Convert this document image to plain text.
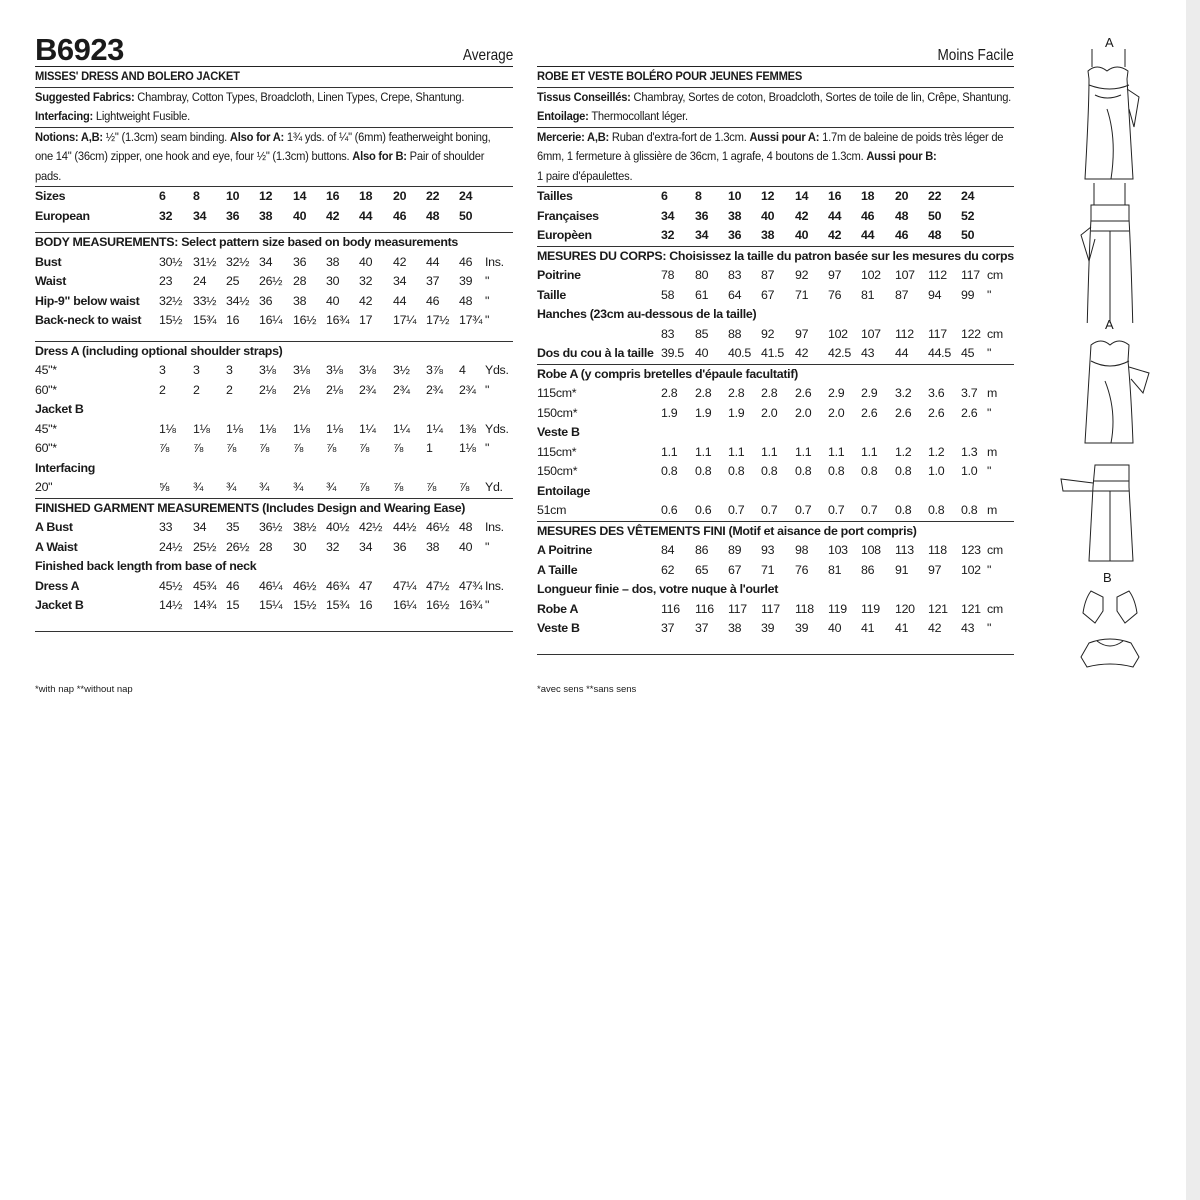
B6923	Average
MISSES' DRESS AND BOLERO JACKET
Suggested Fabrics: Chambray, Cotton Types, Broadcloth, Linen Types, Crepe, Shantung.
Interfacing: Lightweight Fusible.
Notions: A,B: ½" (1.3cm) seam binding. Also for A: 1¾ yds. of ¼" (6mm) featherweight boning,
one 14" (36cm) zipper, one hook and eye, four ½" (1.3cm) buttons. Also for B: Pair of shoulder
pads.
Sizes	6 8 10 12 14 16 18 20 22 24
European	32 34 36 38 40 42 44 46 48 50
BODY MEASUREMENTS: Select pattern size based on body measurements
Bust	30½ 31½ 32½ 34 36 38 40 42 44 46 Ins.
Waist	23 24 25 26½ 28 30 32 34 37 39 "
Hip-9" below waist 32½ 33½ 34½ 36 38 40 42 44 46 48 "
Back-neck to waist 15½ 15¾ 16 16¼ 16½ 16¾ 17 17¼ 17½ 17¾ "
Dress A (including optional shoulder straps)
45"*	3 3 3 3⅛ 3⅛ 3⅛ 3⅛ 3½ 3⅞ 4 Yds.
60"*	2 2 2 2⅛ 2⅛ 2⅛ 2¾ 2¾ 2¾ 2¾ "
Jacket B
45"*	1⅛ 1⅛ 1⅛ 1⅛ 1⅛ 1⅛ 1¼ 1¼ 1¼ 1⅜ Yds.
60"*	⅞ ⅞ ⅞ ⅞ ⅞ ⅞ ⅞ ⅞ 1 1⅛ "
Interfacing
20"	⅝ ¾ ¾ ¾ ¾ ¾ ⅞ ⅞ ⅞ ⅞ Yd.
FINISHED GARMENT MEASUREMENTS (Includes Design and Wearing Ease)
A Bust	33 34 35 36½ 38½ 40½ 42½ 44½ 46½ 48 Ins.
A Waist	24½ 25½ 26½ 28 30 32 34 36 38 40 "
Finished back length from base of neck
Dress A	45½ 45¾ 46 46¼ 46½ 46¾ 47 47¼ 47½ 47¾ Ins.
Jacket B	14½ 14¾ 15 15¼ 15½ 15¾ 16 16¼ 16½ 16¾ "
*with nap **without nap
Moins Facile
ROBE ET VESTE BOLÉRO POUR JEUNES FEMMES
Tissus Conseillés: Chambray, Sortes de coton, Broadcloth, Sortes de toile de lin, Crêpe, Shantung.
Entoilage: Thermocollant léger.
Mercerie: A,B: Ruban d'extra-fort de 1.3cm. Aussi pour A: 1.7m de baleine de poids très léger de
6mm, 1 fermeture à glissière de 36cm, 1 agrafe, 4 boutons de 1.3cm. Aussi pour B:
1 paire d'épaulettes.
Tailles	6 8 10 12 14 16 18 20 22 24
Françaises	34 36 38 40 42 44 46 48 50 52
Europèen	32 34 36 38 40 42 44 46 48 50
MESURES DU CORPS: Choisissez la taille du patron basée sur les mesures du corps
Poitrine	78 80 83 87 92 97 102 107 112 117 cm
Taille	58 61 64 67 71 76 81 87 94 99 "
Hanches (23cm au-dessous de la taille)
83 85 88 92 97 102 107 112 117 122 cm
Dos du cou à la taille 39.5 40 40.5 41.5 42 42.5 43 44 44.5 45 "
Robe A (y compris bretelles d'épaule facultatif)
115cm*	2.8 2.8 2.8 2.8 2.6 2.9 2.9 3.2 3.6 3.7 m
150cm*	1.9 1.9 1.9 2.0 2.0 2.0 2.6 2.6 2.6 2.6 "
Veste B
115cm*	1.1 1.1 1.1 1.1 1.1 1.1 1.1 1.2 1.2 1.3 m
150cm*	0.8 0.8 0.8 0.8 0.8 0.8 0.8 0.8 1.0 1.0 "
Entoilage
51cm	0.6 0.6 0.7 0.7 0.7 0.7 0.7 0.8 0.8 0.8 m
MESURES DES VÊTEMENTS FINI (Motif et aisance de port compris)
A Poitrine	84 86 89 93 98 103 108 113 118 123 cm
A Taille	62 65 67 71 76 81 86 91 97 102 "
Longueur finie – dos, votre nuque à l'ourlet
Robe A	116 116 117 117 118 119 119 120 121 121 cm
Veste B	37 37 38 39 39 40 41 41 42 43 "
*avec sens **sans sens
A
A
B
